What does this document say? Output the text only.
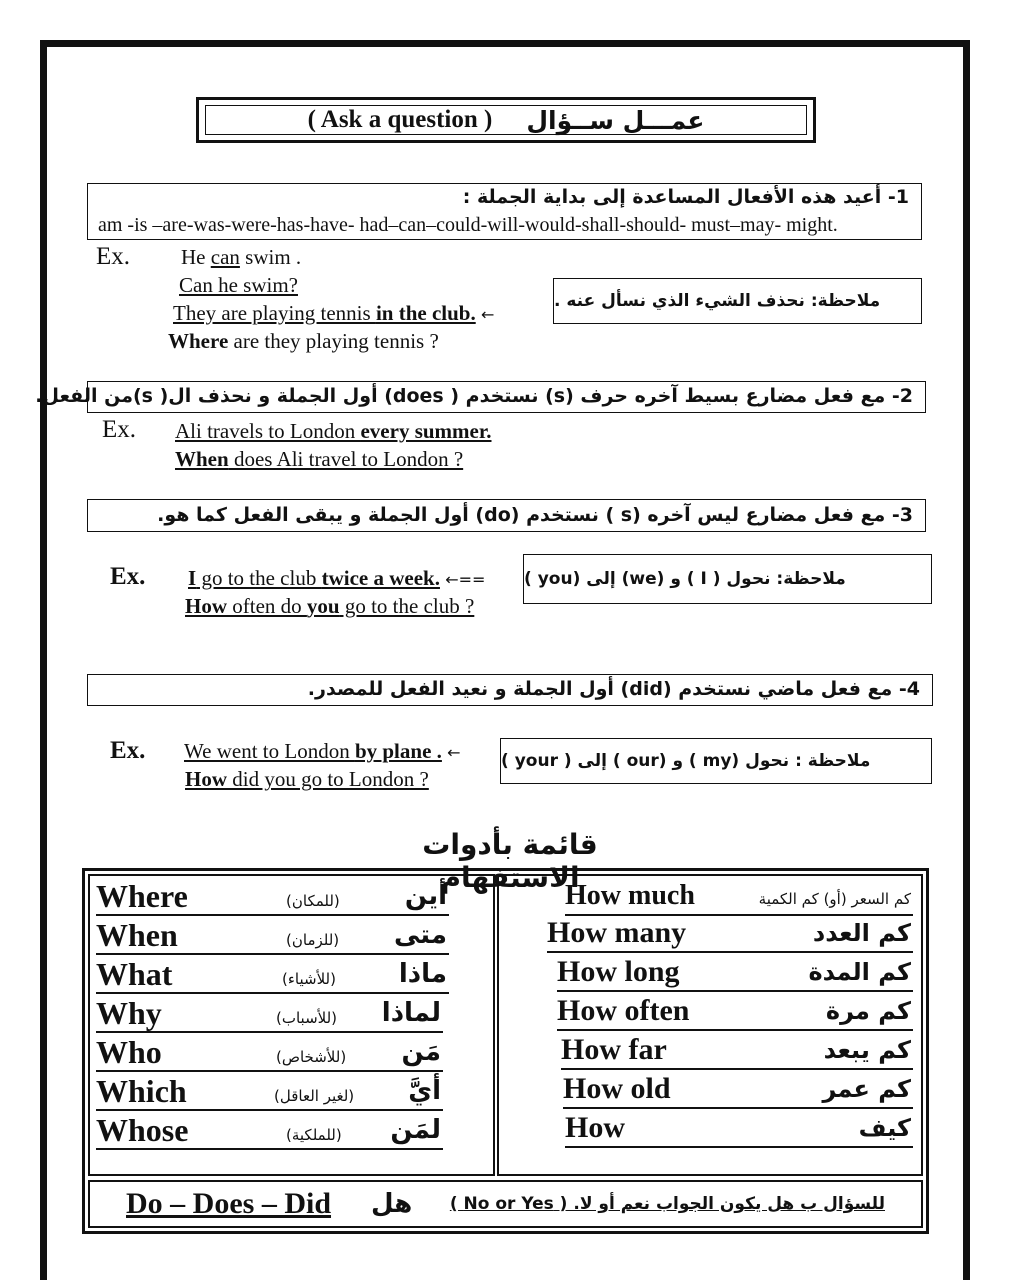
( Ask a question ) عمـــل ســؤال
1- أعيد هذه الأفعال المساعدة إلى بداية الجملة :
am -is –are-was-were-has-have- had–can–could-will-would-shall-should- must–may- might.
Ex. He can swim .
Can he swim?
They are playing tennis in the club. ←
Where are they playing tennis ?
ملاحظة: نحذف الشيء الذي نسأل عنه .
2- مع فعل مضارع بسيط آخره حرف (s) نستخدم ( does) أول الجملة و نحذف ال( s)من الفعل.
Ex. Ali travels to London every summer.
When does Ali travel to London ?
3- مع فعل مضارع ليس آخره (s ) نستخدم (do) أول الجملة و يبقى الفعل كما هو.
Ex. I go to the club twice a week. ←==
How often do you go to the club ?
ملاحظة: نحول ( I ) و (we) إلى (you )
4- مع فعل ماضي نستخدم (did) أول الجملة و نعيد الفعل للمصدر.
Ex. We went to London by plane . ←
How did you go to London ?
ملاحظة : نحول (my ) و (our ) إلى ( your )
قائمة بأدوات الاستفهام
Where	(للمكان)	أين
When	(للزمان) متى
What	(للأشياء) ماذا
Why	(للأسباب) لماذا
Who	(للأشخاص) مَن
Which	(لغير العاقل) أيَّ
Whose	(للملكية) لمَن
How much	كم السعر (أو) كم الكمية
How many	كم العدد
How long	كم المدة
How often	كم مرة
How far	كم يبعد
How old	كم عمر
How	كيف
Do – Does – Did هل	للسؤال ب هل يكون الجواب نعم أو لا. ( No or Yes )
